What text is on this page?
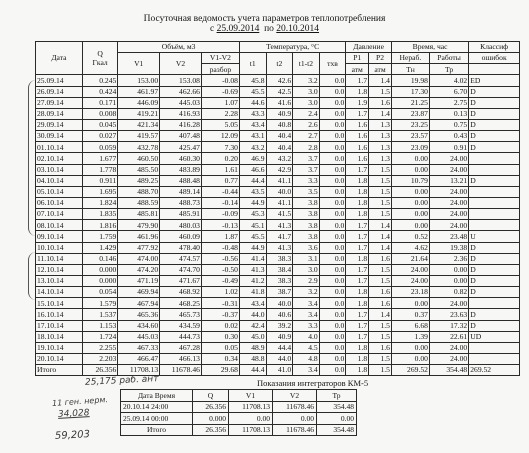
Посуточная ведомость учета параметров теплопотребления
с 25.09.2014 по 20.10.2014
Дата	Q
Гкал	Объём, м3			Температура, °C				Давление		Время, час		Классиф
		V1	V2	V1-V2	t1	t2	t1-t2	тхв	P1	P2	Нераб.	Работы	ошибок
				разбор					атм	атм	Тн	Тр	
25.09.14	0.245	153.00	153.08	-0.08	45.8	42.6	3.2	0.0	1.7	1.4	19.98	4.02	ED
26.09.14	0.424	461.97	462.66	-0.69	45.5	42.5	3.0	0.0	1.8	1.5	17.30	6.70	D
27.09.14	0.171	446.09	445.03	1.07	44.6	41.6	3.0	0.0	1.9	1.6	21.25	2.75	D
28.09.14	0.008	419.21	416.93	2.28	43.3	40.9	2.4	0.0	1.7	1.4	23.87	0.13	D
29.09.14	0.045	421.34	416.28	5.05	43.4	40.8	2.6	0.0	1.6	1.3	23.25	0.75	D
30.09.14	0.027	419.57	407.48	12.09	43.1	40.4	2.7	0.0	1.6	1.3	23.57	0.43	D
01.10.14	0.059	432.78	425.47	7.30	43.2	40.4	2.8	0.0	1.6	1.3	23.09	0.91	D
02.10.14	1.677	460.50	460.30	0.20	46.9	43.2	3.7	0.0	1.6	1.3	0.00	24.00	
03.10.14	1.778	485.50	483.89	1.61	46.6	42.9	3.7	0.0	1.7	1.5	0.00	24.00	
04.10.14	0.911	489.25	488.48	0.77	44.4	41.1	3.3	0.0	1.8	1.5	10.79	13.21	D
05.10.14	1.695	488.70	489.14	-0.44	43.5	40.0	3.5	0.0	1.8	1.5	0.00	24.00	
06.10.14	1.824	488.59	488.73	-0.14	44.9	41.1	3.8	0.0	1.8	1.5	0.00	24.00	
07.10.14	1.835	485.81	485.91	-0.09	45.3	41.5	3.8	0.0	1.8	1.5	0.00	24.00	
08.10.14	1.816	479.90	480.03	-0.13	45.1	41.3	3.8	0.0	1.7	1.4	0.00	24.00	
09.10.14	1.759	461.96	460.09	1.87	45.5	41.7	3.8	0.0	1.7	1.4	0.52	23.48	U
10.10.14	1.429	477.92	478.40	-0.48	44.9	41.3	3.6	0.0	1.7	1.4	4.62	19.38	D
11.10.14	0.146	474.00	474.57	-0.56	41.4	38.3	3.1	0.0	1.8	1.6	21.64	2.36	D
12.10.14	0.000	474.20	474.70	-0.50	41.3	38.4	3.0	0.0	1.7	1.5	24.00	0.00	D
13.10.14	0.000	471.19	471.67	-0.49	41.2	38.3	2.9	0.0	1.7	1.5	24.00	0.00	D
14.10.14	0.054	469.94	468.92	1.02	41.8	38.7	3.2	0.0	1.8	1.6	23.18	0.82	D
15.10.14	1.579	467.94	468.25	-0.31	43.4	40.0	3.4	0.0	1.8	1.6	0.00	24.00	
16.10.14	1.537	465.36	465.73	-0.37	44.0	40.6	3.4	0.0	1.7	1.4	0.37	23.63	D
17.10.14	1.153	434.60	434.59	0.02	42.4	39.2	3.3	0.0	1.7	1.5	6.68	17.32	D
18.10.14	1.724	445.03	444.73	0.30	45.0	40.9	4.0	0.0	1.7	1.5	1.39	22.61	UD
19.10.14	2.255	467.33	467.28	0.05	48.9	44.4	4.5	0.0	1.8	1.6	0.00	24.00	
20.10.14	2.203	466.47	466.13	0.34	48.8	44.0	4.8	0.0	1.8	1.5	0.00	24.00	
Итого	26.356	11708.13	11678.46	29.68	44.4	41.0	3.4	0.0	1.8	1.5	269.52	354.48	269.52
25,175 раб. ант
11 ген. нерм.
34,028
59,203
Показания интеграторов КМ-5
Дата Время	Q	V1	V2	Тр
20.10.14 24:00	26.356	11708.13	11678.46	354.48
25.09.14 00:00	0.000	0.00	0.00	0.00
Итого	26.356	11708.13	11678.46	354.48
